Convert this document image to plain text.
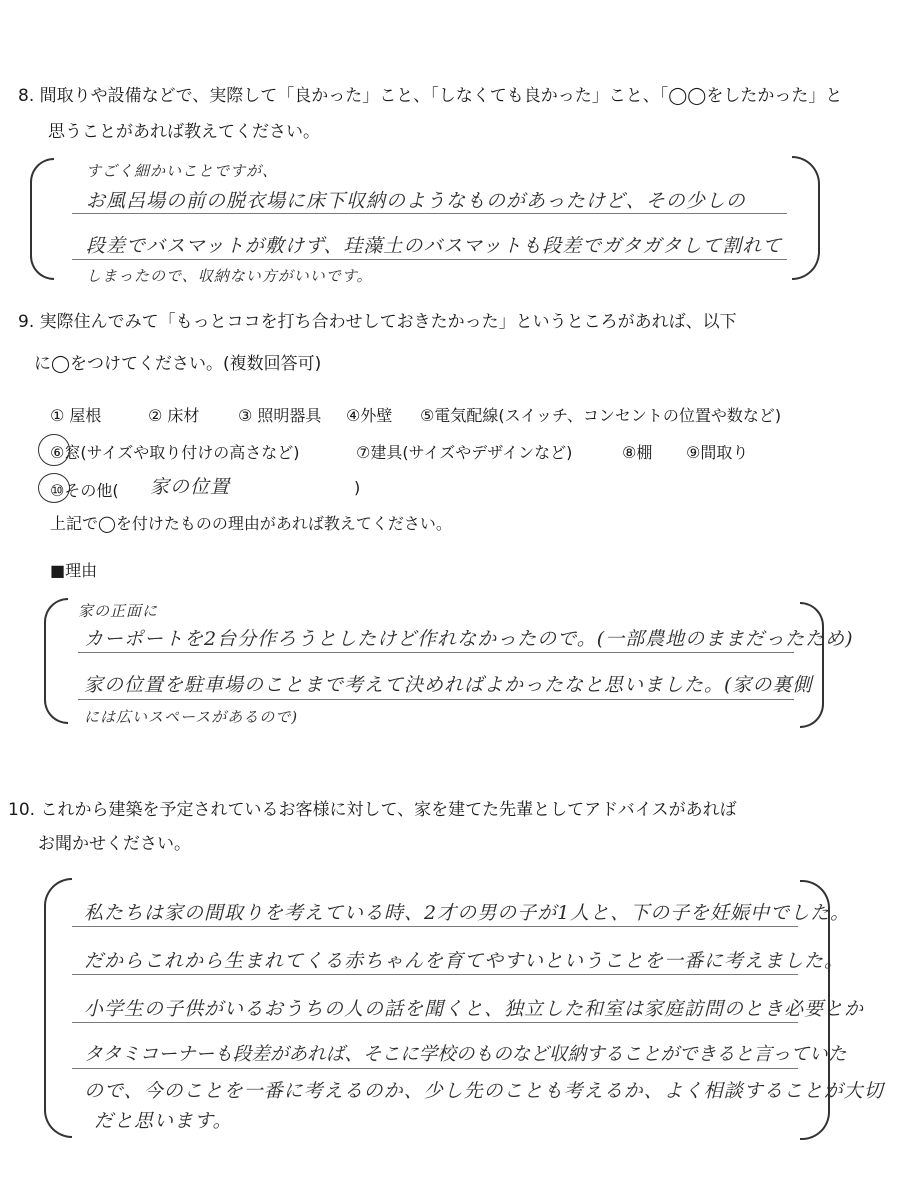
8. 間取りや設備などで、実際して「良かった」こと、「しなくても良かった」こと、「◯◯をしたかった」と
思うことがあれば教えてください。
すごく細かいことですが、
お風呂場の前の脱衣場に床下収納のようなものがあったけど、その少しの
段差でバスマットが敷けず、珪藻土のバスマットも段差でガタガタして割れて
しまったので、収納ない方がいいです。
9. 実際住んでみて「もっとココを打ち合わせしておきたかった」というところがあれば、以下
に◯をつけてください。(複数回答可)
① 屋根	② 床材 ③ 照明器具 ④外壁 ⑤電気配線(スイッチ、コンセントの位置や数など)
⑥窓(サイズや取り付けの高さなど)	⑦建具(サイズやデザインなど)	⑧棚 ⑨間取り
⑩その他( 家の位置	)
上記で◯を付けたものの理由があれば教えてください。
■理由
家の正面に
カーポートを2台分作ろうとしたけど作れなかったので。(一部農地のままだったため)
家の位置を駐車場のことまで考えて決めればよかったなと思いました。(家の裏側
には広いスペースがあるので)
10. これから建築を予定されているお客様に対して、家を建てた先輩としてアドバイスがあれば
お聞かせください。
私たちは家の間取りを考えている時、2才の男の子が1人と、下の子を妊娠中でした。
だからこれから生まれてくる赤ちゃんを育てやすいということを一番に考えました。
小学生の子供がいるおうちの人の話を聞くと、独立した和室は家庭訪問のとき必要とか
タタミコーナーも段差があれば、そこに学校のものなど収納することができると言っていた
ので、今のことを一番に考えるのか、少し先のことも考えるか、よく相談することが大切
だと思います。
